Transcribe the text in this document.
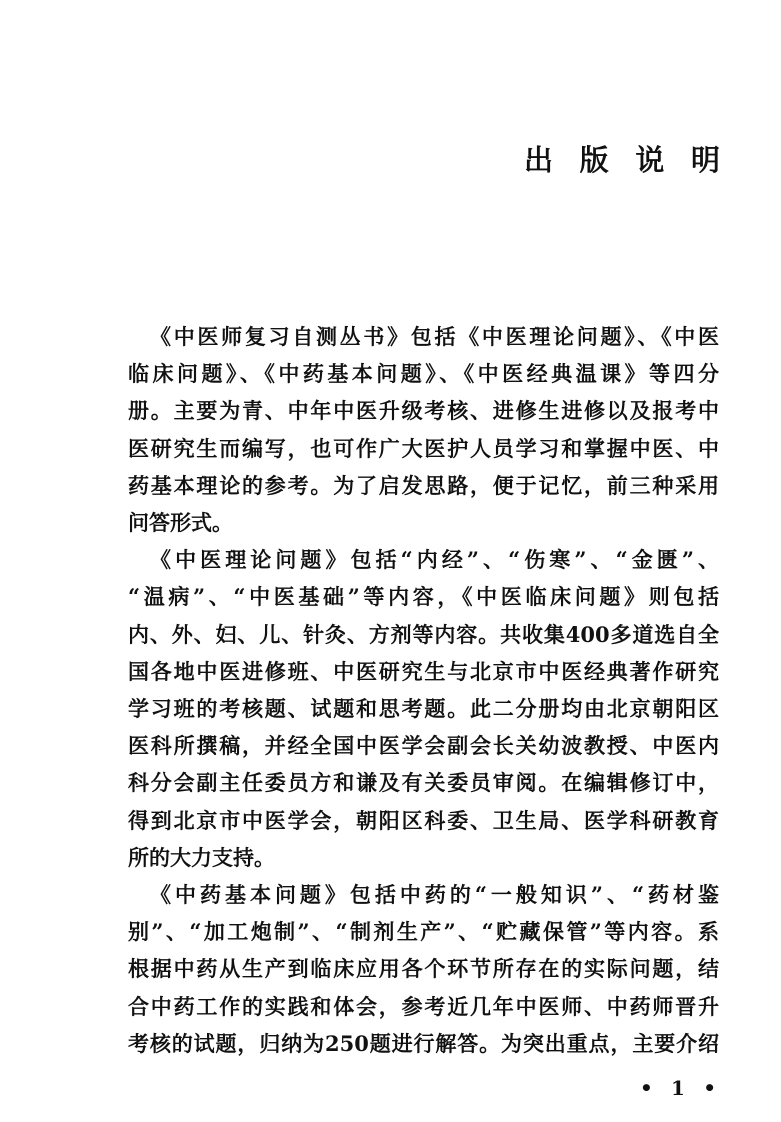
出 版 说 明
《中医师复习自测丛书》包括《中医理论问题》、《中医
临床问题》、《中药基本问题》、《中医经典温课》等四分
册。主要为青、中年中医升级考核、进修生进修以及报考中
医研究生而编写，也可作广大医护人员学习和掌握中医、中
药基本理论的参考。为了启发思路，便于记忆，前三种采用
问答形式。
《中医理论问题》包括“内经”、“伤寒”、“金匮”、
“温病”、“中医基础”等内容，《中医临床问题》则包括
内、外、妇、儿、针灸、方剂等内容。共收集400多道选自全
国各地中医进修班、中医研究生与北京市中医经典著作研究
学习班的考核题、试题和思考题。此二分册均由北京朝阳区
医科所撰稿，并经全国中医学会副会长关幼波教授、中医内
科分会副主任委员方和谦及有关委员审阅。在编辑修订中，
得到北京市中医学会，朝阳区科委、卫生局、医学科研教育
所的大力支持。
《中药基本问题》包括中药的“一般知识”、“药材鉴
别”、“加工炮制”、“制剂生产”、“贮藏保管”等内容。系
根据中药从生产到临床应用各个环节所存在的实际问题，结
合中药工作的实践和体会，参考近几年中医师、中药师晋升
考核的试题，归纳为250题进行解答。为突出重点，主要介绍
• 1 •
